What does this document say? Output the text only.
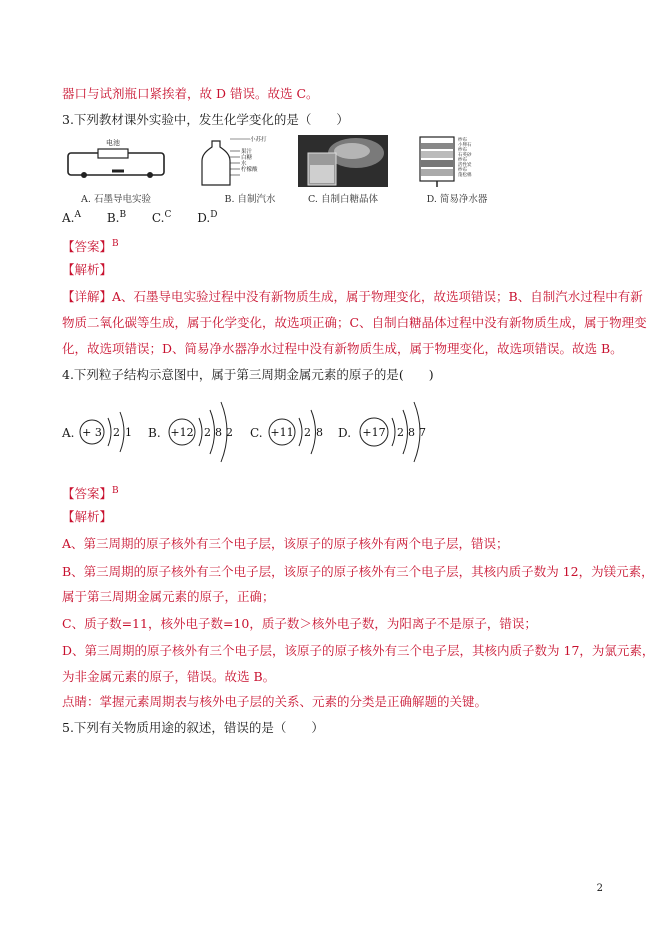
器口与试剂瓶口紧挨着，故 D 错误。故选 C。
3.下列教材课外实验中，发生化学变化的是（　　）
电池
A. 石墨导电实验
小苏打
果汁
白糖
水
柠檬酸
B. 自制汽水	C. 自制白糖晶体
纱布
小卵石
纱布
石英砂
纱布
活性炭
纱布
蓬松棉
D. 简易净水器
A.$^A$ B.$^B$ C.$^C$ D.$^D$
【答案】$^B$
【解析】
【详解】A、石墨导电实验过程中没有新物质生成，属于物理变化，故选项错误；B、自制汽水过程中有新
物质二氧化碳等生成，属于化学变化，故选项正确；C、自制白糖晶体过程中没有新物质生成，属于物理变
化，故选项错误；D、简易净水器净水过程中没有新物质生成，属于物理变化，故选项错误。故选 B。
4.下列粒子结构示意图中，属于第三周期金属元素的原子的是(　　)
A. + 3 2 1 B. +12 2 8 2 C. +11 2 8 D. +17 2 8 7
【答案】$^B$
【解析】
A、第三周期的原子核外有三个电子层，该原子的原子核外有两个电子层，错误；
B、第三周期的原子核外有三个电子层，该原子的原子核外有三个电子层，其核内质子数为 12，为镁元素，
属于第三周期金属元素的原子，正确；
C、质子数=11，核外电子数=10，质子数＞核外电子数，为阳离子不是原子，错误；
D、第三周期的原子核外有三个电子层，该原子的原子核外有三个电子层，其核内质子数为 17，为氯元素，
为非金属元素的原子，错误。故选 B。
点睛：掌握元素周期表与核外电子层的关系、元素的分类是正确解题的关键。
5.下列有关物质用途的叙述，错误的是（　　）
2
